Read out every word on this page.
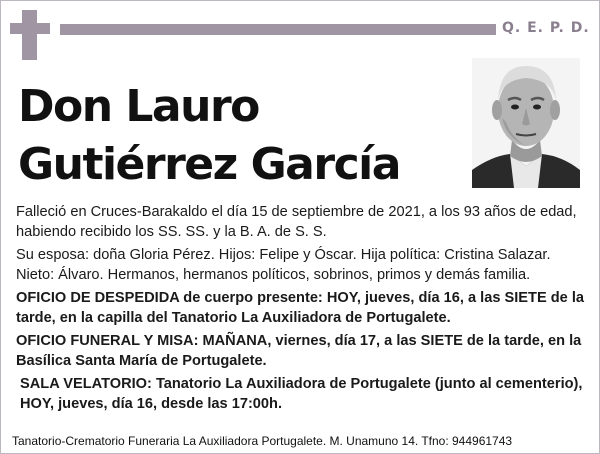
Q. E. P. D.
Don Lauro
Gutiérrez García

Falleció en Cruces-Barakaldo el día 15 de septiembre de 2021, a los 93 años de edad, habiendo recibido los SS. SS. y la B. A. de S. S.

Su esposa: doña Gloria Pérez. Hijos: Felipe y Óscar. Hija política: Cristina Salazar. Nieto: Álvaro. Hermanos, hermanos políticos, sobrinos, primos y demás familia.

OFICIO DE DESPEDIDA de cuerpo presente: HOY, jueves, día 16, a las SIETE de la tarde, en la capilla del Tanatorio La Auxiliadora de Portugalete.

OFICIO FUNERAL Y MISA: MAÑANA, viernes, día 17, a las SIETE de la tarde, en la Basílica Santa María de Portugalete.

SALA VELATORIO: Tanatorio La Auxiliadora de Portugalete (junto al cementerio), HOY, jueves, día 16, desde las 17:00h.

Tanatorio-Crematorio Funeraria La Auxiliadora Portugalete. M. Unamuno 14. Tfno: 944961743
